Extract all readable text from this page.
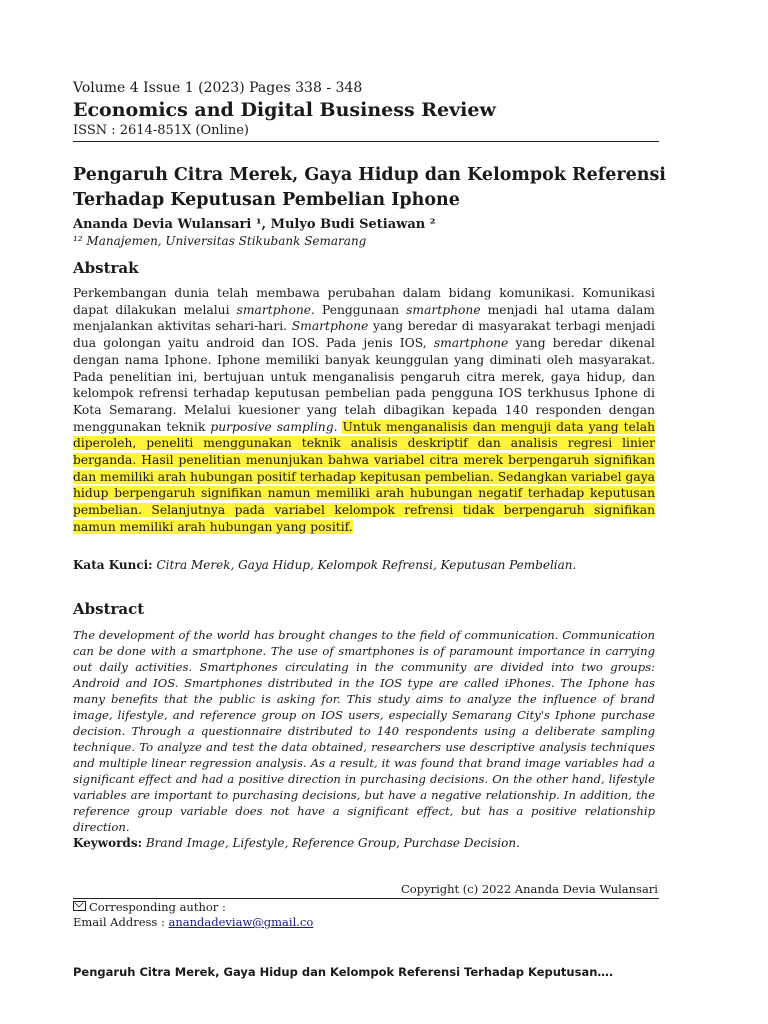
Volume 4 Issue 1 (2023) Pages 338 - 348
Economics and Digital Business Review
ISSN : 2614-851X (Online)
Pengaruh Citra Merek, Gaya Hidup dan Kelompok Referensi Terhadap Keputusan Pembelian Iphone
Ananda Devia Wulansari ¹, Mulyo Budi Setiawan ²
¹² Manajemen, Universitas Stikubank Semarang
Abstrak
Perkembangan dunia telah membawa perubahan dalam bidang komunikasi. Komunikasi dapat dilakukan melalui smartphone. Penggunaan smartphone menjadi hal utama dalam menjalankan aktivitas sehari-hari. Smartphone yang beredar di masyarakat terbagi menjadi dua golongan yaitu android dan IOS. Pada jenis IOS, smartphone yang beredar dikenal dengan nama Iphone. Iphone memiliki banyak keunggulan yang diminati oleh masyarakat. Pada penelitian ini, bertujuan untuk menganalisis pengaruh citra merek, gaya hidup, dan kelompok refrensi terhadap keputusan pembelian pada pengguna IOS terkhusus Iphone di Kota Semarang. Melalui kuesioner yang telah dibagikan kepada 140 responden dengan menggunakan teknik purposive sampling. Untuk menganalisis dan menguji data yang telah diperoleh, peneliti menggunakan teknik analisis deskriptif dan analisis regresi linier berganda. Hasil penelitian menunjukan bahwa variabel citra merek berpengaruh signifikan dan memiliki arah hubungan positif terhadap kepitusan pembelian. Sedangkan variabel gaya hidup berpengaruh signifikan namun memiliki arah hubungan negatif terhadap keputusan pembelian. Selanjutnya pada variabel kelompok refrensi tidak berpengaruh signifikan namun memiliki arah hubungan yang positif.
Kata Kunci: Citra Merek, Gaya Hidup, Kelompok Refrensi, Keputusan Pembelian.
Abstract
The development of the world has brought changes to the field of communication. Communication can be done with a smartphone. The use of smartphones is of paramount importance in carrying out daily activities. Smartphones circulating in the community are divided into two groups: Android and IOS. Smartphones distributed in the IOS type are called iPhones. The Iphone has many benefits that the public is asking for. This study aims to analyze the influence of brand image, lifestyle, and reference group on IOS users, especially Semarang City's Iphone purchase decision. Through a questionnaire distributed to 140 respondents using a deliberate sampling technique. To analyze and test the data obtained, researchers use descriptive analysis techniques and multiple linear regression analysis. As a result, it was found that brand image variables had a significant effect and had a positive direction in purchasing decisions. On the other hand, lifestyle variables are important to purchasing decisions, but have a negative relationship. In addition, the reference group variable does not have a significant effect, but has a positive relationship direction.
Keywords: Brand Image, Lifestyle, Reference Group, Purchase Decision.
Copyright (c) 2022 Ananda Devia Wulansari
Corresponding author :
Email Address : anandadeviaw@gmail.co
Pengaruh Citra Merek, Gaya Hidup dan Kelompok Referensi Terhadap Keputusan….
